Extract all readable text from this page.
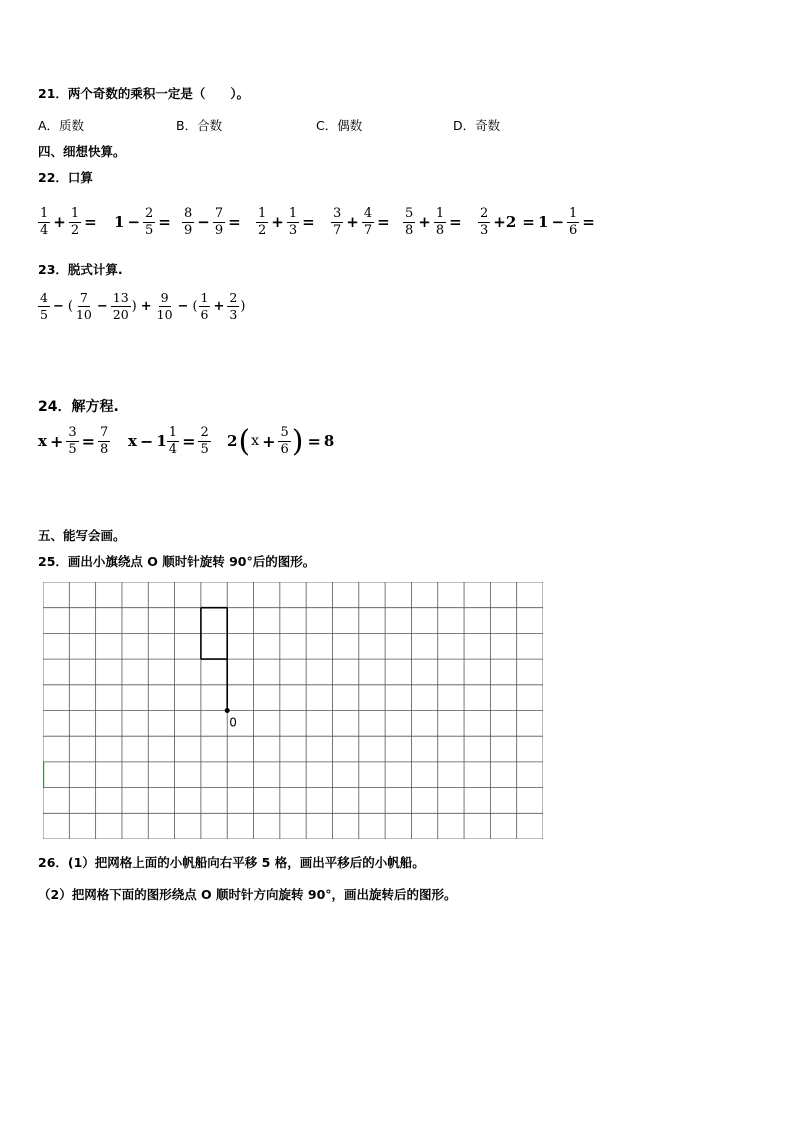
21．两个奇数的乘积一定是（　　）。
A．质数	B．合数	C．偶数	D．奇数
四、细想快算。
22．口算
$\frac{1}{4} + \frac{1}{2} = 1 - \frac{2}{5} = \frac{8}{9} - \frac{7}{9} = \frac{1}{2} + \frac{1}{3} = \frac{3}{7} + \frac{4}{7} = \frac{5}{8} + \frac{1}{8} = \frac{2}{3} +2 = 1 - \frac{1}{6}$ =
23．脱式计算.
$\frac{4}{5}$ − ( $\frac{7}{10} - \frac{13}{20}$ ) + $\frac{9}{10}$ − ( $\frac{1}{6} + \frac{2}{3}$ )
24．解方程.
$x + \frac{3}{5} = \frac{7}{8}$ $x - 1 \frac{1}{4} = \frac{2}{5} 2$ ( $x + \frac{5}{6}$ ) = 8
五、能写会画。
25．画出小旗绕点 O 顺时针旋转 90°后的图形。
0
26．(1）把网格上面的小帆船向右平移 5 格，画出平移后的小帆船。
（2）把网格下面的图形绕点 O 顺时针方向旋转 90°，画出旋转后的图形。
